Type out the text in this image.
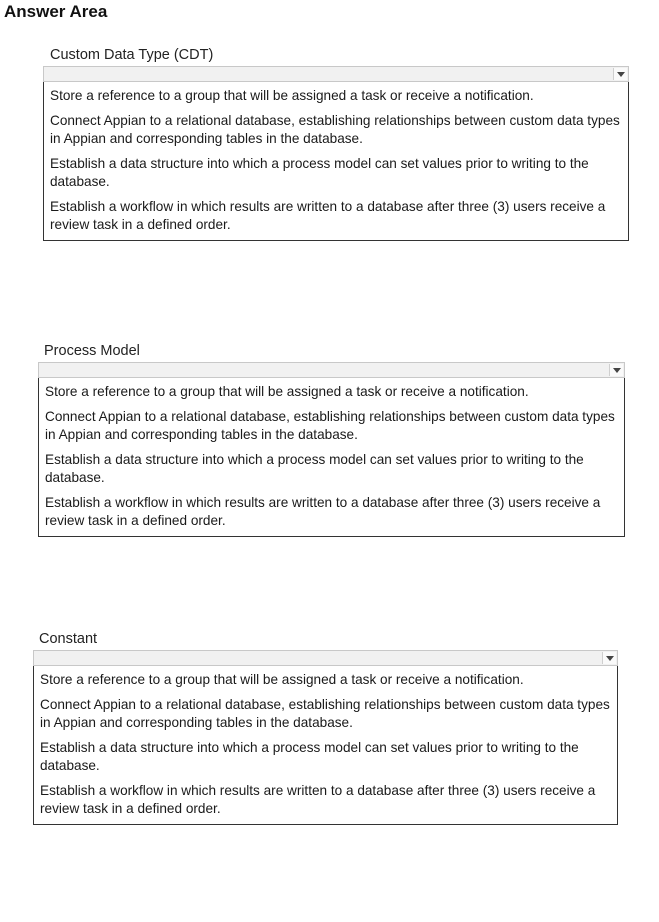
Answer Area
Custom Data Type (CDT)
Store a reference to a group that will be assigned a task or receive a notification.
Connect Appian to a relational database, establishing relationships between custom data types in Appian and corresponding tables in the database.
Establish a data structure into which a process model can set values prior to writing to the database.
Establish a workflow in which results are written to a database after three (3) users receive a review task in a defined order.
Process Model
Store a reference to a group that will be assigned a task or receive a notification.
Connect Appian to a relational database, establishing relationships between custom data types in Appian and corresponding tables in the database.
Establish a data structure into which a process model can set values prior to writing to the database.
Establish a workflow in which results are written to a database after three (3) users receive a review task in a defined order.
Constant
Store a reference to a group that will be assigned a task or receive a notification.
Connect Appian to a relational database, establishing relationships between custom data types in Appian and corresponding tables in the database.
Establish a data structure into which a process model can set values prior to writing to the database.
Establish a workflow in which results are written to a database after three (3) users receive a review task in a defined order.
